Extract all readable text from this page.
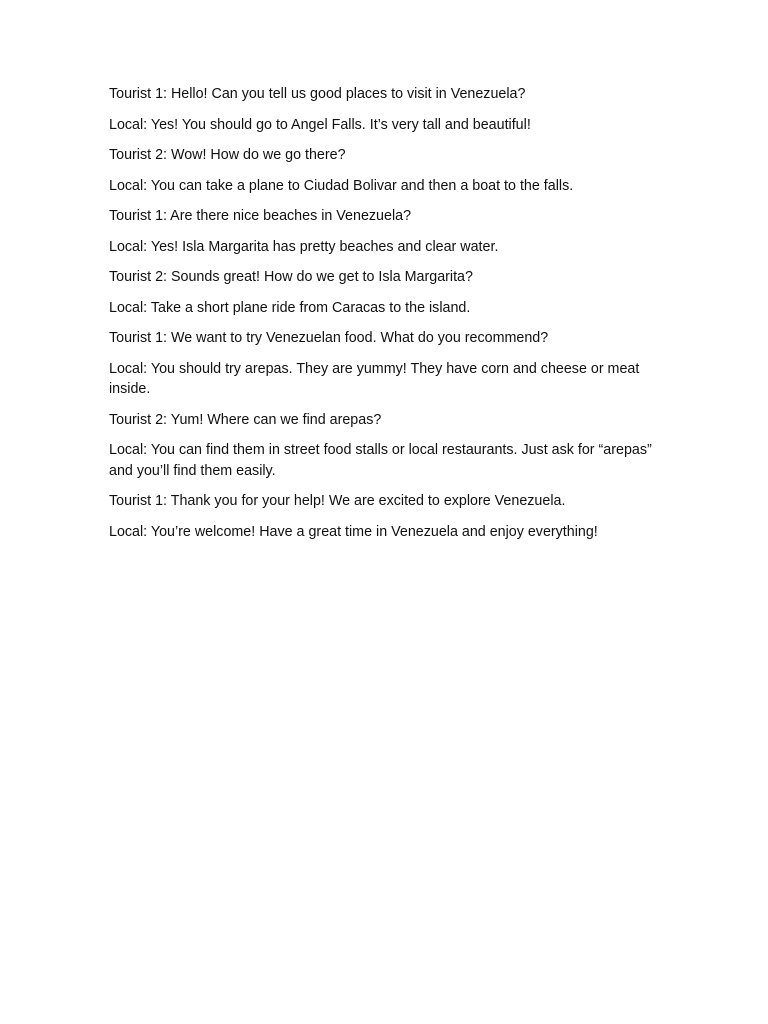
Tourist 1: Hello! Can you tell us good places to visit in Venezuela?

Local: Yes! You should go to Angel Falls. It’s very tall and beautiful!

Tourist 2: Wow! How do we go there?

Local: You can take a plane to Ciudad Bolivar and then a boat to the falls.

Tourist 1: Are there nice beaches in Venezuela?

Local: Yes! Isla Margarita has pretty beaches and clear water.

Tourist 2: Sounds great! How do we get to Isla Margarita?

Local: Take a short plane ride from Caracas to the island.

Tourist 1: We want to try Venezuelan food. What do you recommend?

Local: You should try arepas. They are yummy! They have corn and cheese or meat inside.

Tourist 2: Yum! Where can we find arepas?

Local: You can find them in street food stalls or local restaurants. Just ask for “arepas” and you’ll find them easily.

Tourist 1: Thank you for your help! We are excited to explore Venezuela.

Local: You’re welcome! Have a great time in Venezuela and enjoy everything!
